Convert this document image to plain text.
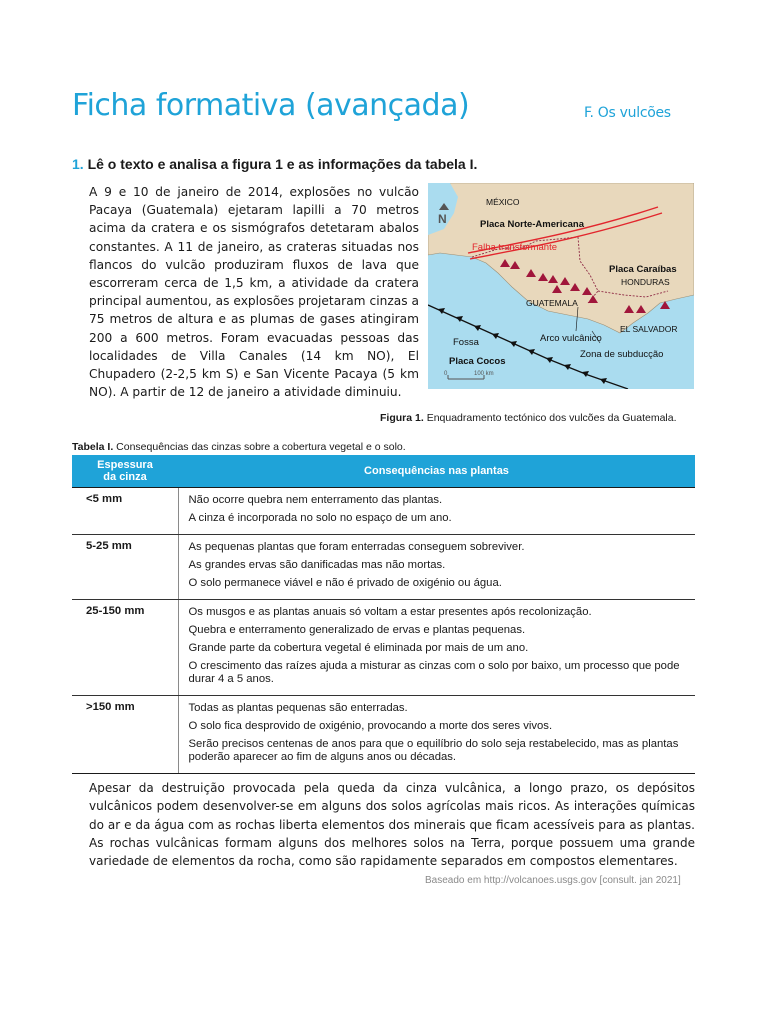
Ficha formativa (avançada)	F. Os vulcões
1. Lê o texto e analisa a figura 1 e as informações da tabela I.
A 9 e 10 de janeiro de 2014, explosões no vulcão Pacaya (Guatemala) ejetaram lapilli a 70 metros acima da cratera e os sismógrafos detetaram abalos constantes. A 11 de janeiro, as crateras situadas nos flancos do vulcão produziram fluxos de lava que escorreram cerca de 1,5 km, a atividade da cratera principal aumentou, as explosões projetaram cinzas a 75 metros de altura e as plumas de gases atingiram 200 a 600 metros. Foram evacuadas pessoas das localidades de Villa Canales (14 km NO), El Chupadero (2-2,5 km S) e San Vicente Pacaya (5 km NO). A partir de 12 de janeiro a atividade diminuiu.
N
MÉXICO
Placa Norte-Americana
Falha transformante
Placa Caraíbas
HONDURAS
GUATEMALA
EL SALVADOR
Arco vulcânico
Fossa
Zona de subducção
Placa Cocos
0	100 km
Figura 1. Enquadramento tectónico dos vulcões da Guatemala.
Tabela I. Consequências das cinzas sobre a cobertura vegetal e o solo.
Espessura
da cinza	Consequências nas plantas
<5 mm	Não ocorre quebra nem enterramento das plantas.
A cinza é incorporada no solo no espaço de um ano.

5-25 mm	As pequenas plantas que foram enterradas conseguem sobreviver.
As grandes ervas são danificadas mas não mortas.
O solo permanece viável e não é privado de oxigénio ou água.

25-150 mm	Os musgos e as plantas anuais só voltam a estar presentes após recolonização.
Quebra e enterramento generalizado de ervas e plantas pequenas.
Grande parte da cobertura vegetal é eliminada por mais de um ano.
O crescimento das raízes ajuda a misturar as cinzas com o solo por baixo, um processo que pode durar 4 a 5 anos.

>150 mm	Todas as plantas pequenas são enterradas.
O solo fica desprovido de oxigénio, provocando a morte dos seres vivos.
Serão precisos centenas de anos para que o equilíbrio do solo seja restabelecido, mas as plantas poderão aparecer ao fim de alguns anos ou décadas.
Apesar da destruição provocada pela queda da cinza vulcânica, a longo prazo, os depósitos vulcânicos podem desenvolver-se em alguns dos solos agrícolas mais ricos. As interações químicas do ar e da água com as rochas liberta elementos dos minerais que ficam acessíveis para as plantas. As rochas vulcânicas formam alguns dos melhores solos na Terra, porque possuem uma grande variedade de elementos da rocha, como são rapidamente separados em compostos elementares.
Baseado em http://volcanoes.usgs.gov [consult. jan 2021]
